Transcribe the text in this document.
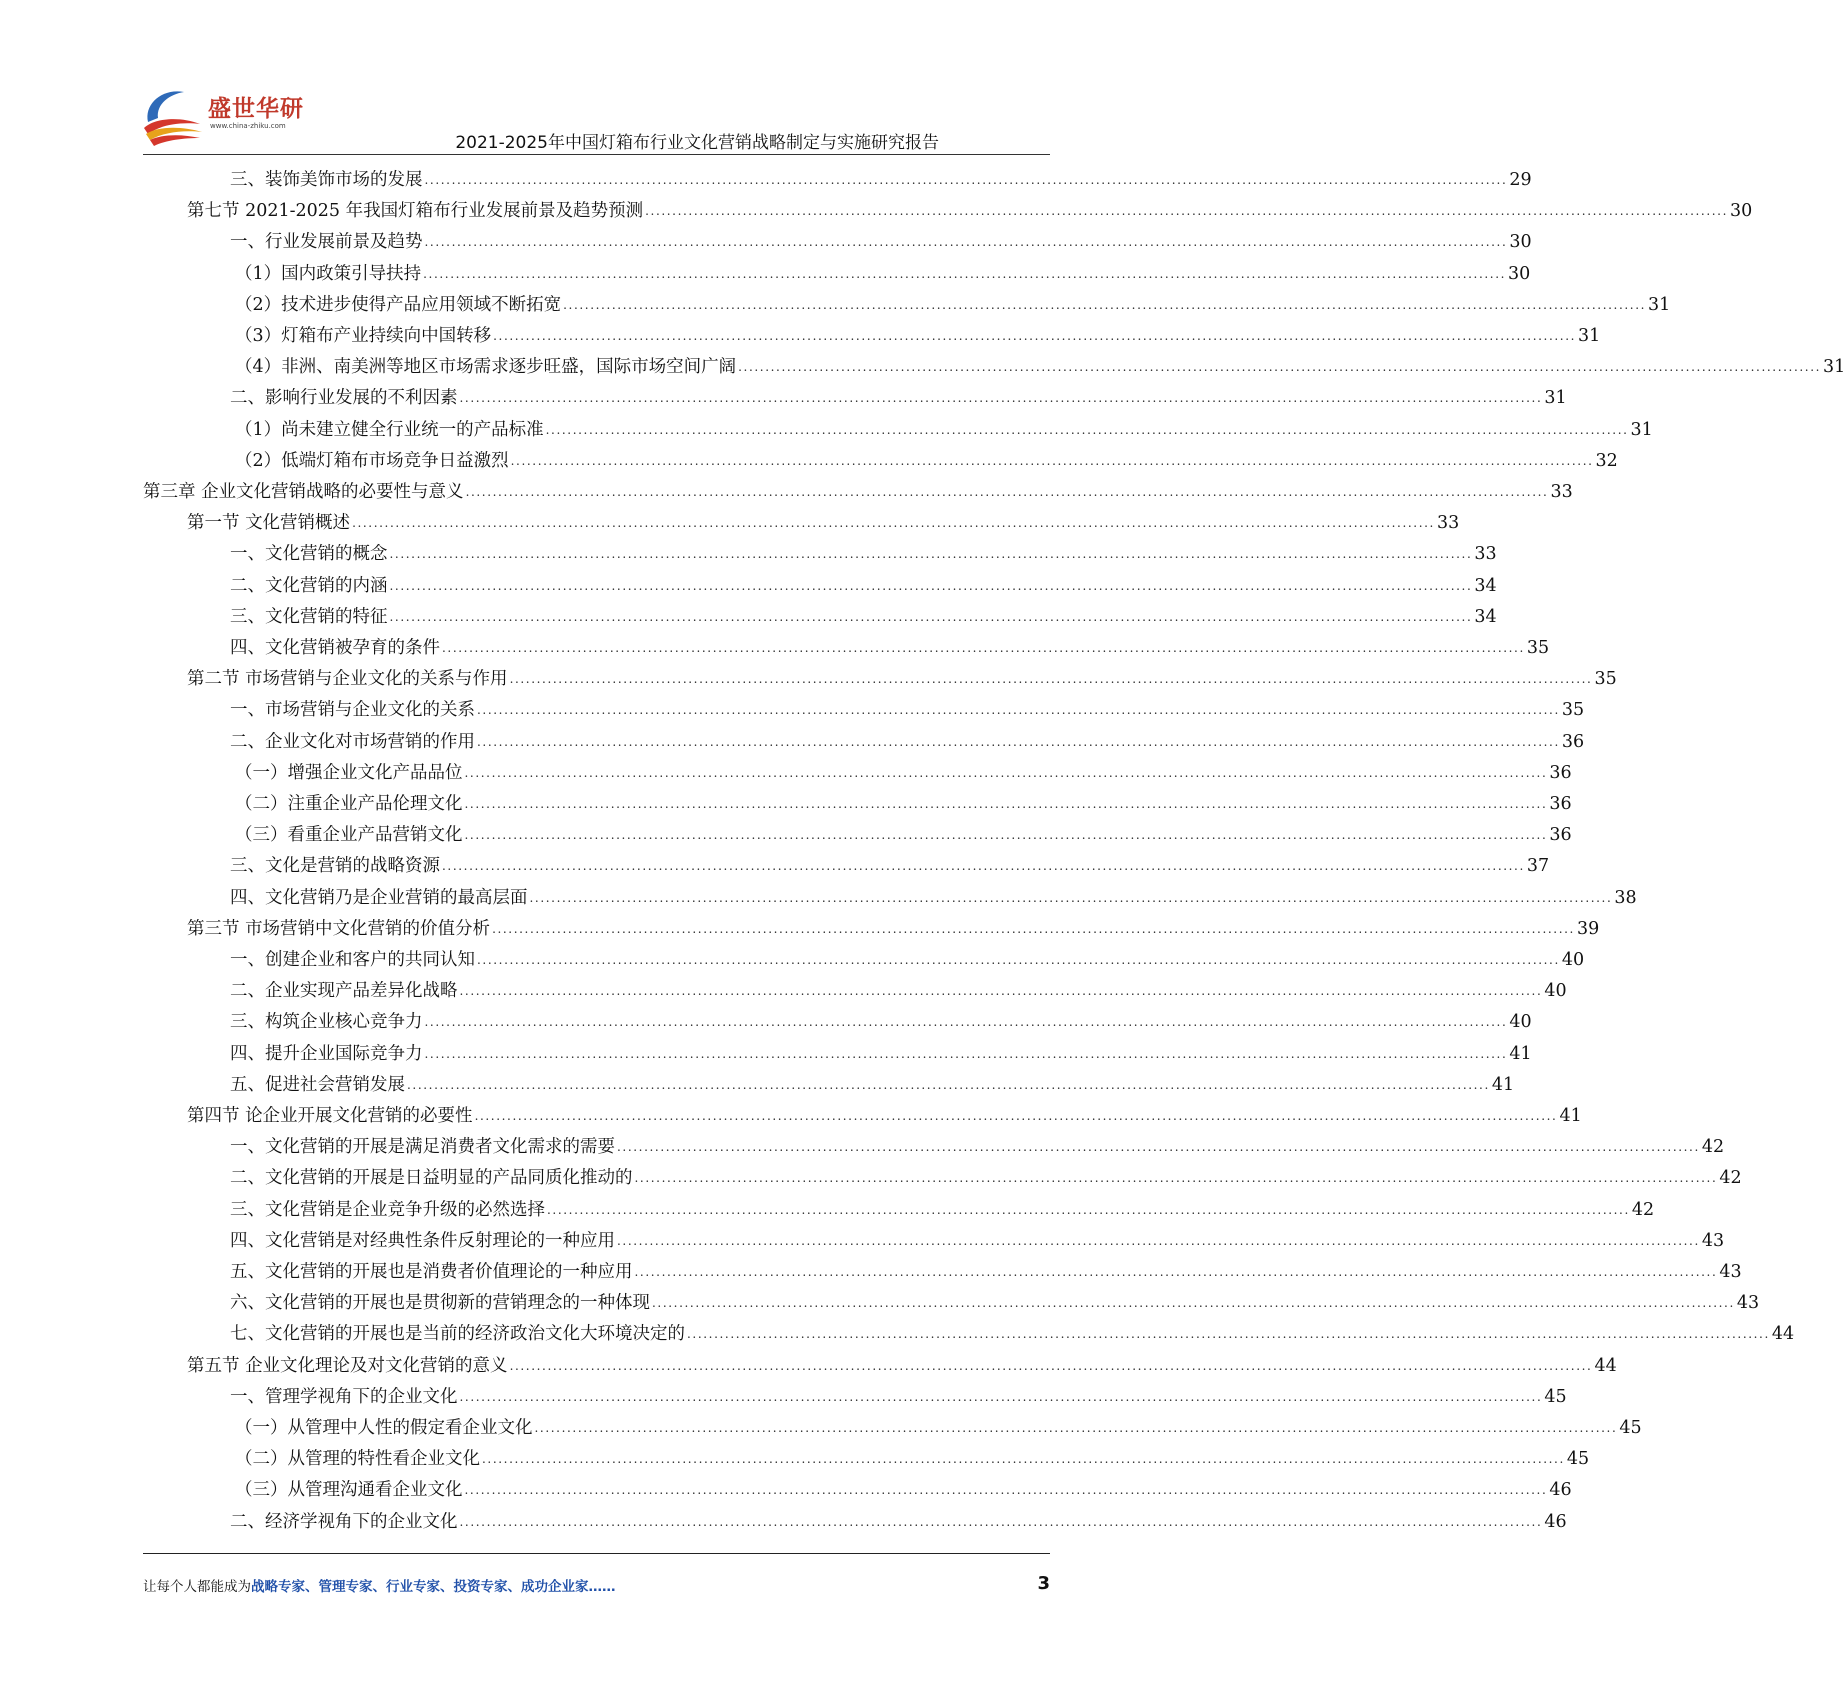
盛世华研
www.china-zhiku.com
2021-2025年中国灯箱布行业文化营销战略制定与实施研究报告
三、装饰美饰市场的发展 ........................................................................................................................................................................................................ 29
第七节 2021-2025 年我国灯箱布行业发展前景及趋势预测 ........................................................................................................................................................................................................ 30
一、行业发展前景及趋势 ........................................................................................................................................................................................................ 30
（1）国内政策引导扶持 ........................................................................................................................................................................................................ 30
（2）技术进步使得产品应用领域不断拓宽 ........................................................................................................................................................................................................ 31
（3）灯箱布产业持续向中国转移 ........................................................................................................................................................................................................ 31
（4）非洲、南美洲等地区市场需求逐步旺盛，国际市场空间广阔 ........................................................................................................................................................................................................ 31
二、影响行业发展的不利因素 ........................................................................................................................................................................................................ 31
（1）尚未建立健全行业统一的产品标准 ........................................................................................................................................................................................................ 31
（2）低端灯箱布市场竞争日益激烈 ........................................................................................................................................................................................................ 32
第三章 企业文化营销战略的必要性与意义 ........................................................................................................................................................................................................ 33
第一节 文化营销概述 ........................................................................................................................................................................................................ 33
一、文化营销的概念 ........................................................................................................................................................................................................ 33
二、文化营销的内涵 ........................................................................................................................................................................................................ 34
三、文化营销的特征 ........................................................................................................................................................................................................ 34
四、文化营销被孕育的条件 ........................................................................................................................................................................................................ 35
第二节 市场营销与企业文化的关系与作用 ........................................................................................................................................................................................................ 35
一、市场营销与企业文化的关系 ........................................................................................................................................................................................................ 35
二、企业文化对市场营销的作用 ........................................................................................................................................................................................................ 36
（一）增强企业文化产品品位 ........................................................................................................................................................................................................ 36
（二）注重企业产品伦理文化 ........................................................................................................................................................................................................ 36
（三）看重企业产品营销文化 ........................................................................................................................................................................................................ 36
三、文化是营销的战略资源 ........................................................................................................................................................................................................ 37
四、文化营销乃是企业营销的最高层面 ........................................................................................................................................................................................................ 38
第三节 市场营销中文化营销的价值分析 ........................................................................................................................................................................................................ 39
一、创建企业和客户的共同认知 ........................................................................................................................................................................................................ 40
二、企业实现产品差异化战略 ........................................................................................................................................................................................................ 40
三、构筑企业核心竞争力 ........................................................................................................................................................................................................ 40
四、提升企业国际竞争力 ........................................................................................................................................................................................................ 41
五、促进社会营销发展 ........................................................................................................................................................................................................ 41
第四节 论企业开展文化营销的必要性 ........................................................................................................................................................................................................ 41
一、文化营销的开展是满足消费者文化需求的需要 ........................................................................................................................................................................................................ 42
二、文化营销的开展是日益明显的产品同质化推动的 ........................................................................................................................................................................................................ 42
三、文化营销是企业竞争升级的必然选择 ........................................................................................................................................................................................................ 42
四、文化营销是对经典性条件反射理论的一种应用 ........................................................................................................................................................................................................ 43
五、文化营销的开展也是消费者价值理论的一种应用 ........................................................................................................................................................................................................ 43
六、文化营销的开展也是贯彻新的营销理念的一种体现 ........................................................................................................................................................................................................ 43
七、文化营销的开展也是当前的经济政治文化大环境决定的 ........................................................................................................................................................................................................ 44
第五节 企业文化理论及对文化营销的意义 ........................................................................................................................................................................................................ 44
一、管理学视角下的企业文化 ........................................................................................................................................................................................................ 45
（一）从管理中人性的假定看企业文化 ........................................................................................................................................................................................................ 45
（二）从管理的特性看企业文化 ........................................................................................................................................................................................................ 45
（三）从管理沟通看企业文化 ........................................................................................................................................................................................................ 46
二、经济学视角下的企业文化 ........................................................................................................................................................................................................ 46
让每个人都能成为战略专家、管理专家、行业专家、投资专家、成功企业家……	3
